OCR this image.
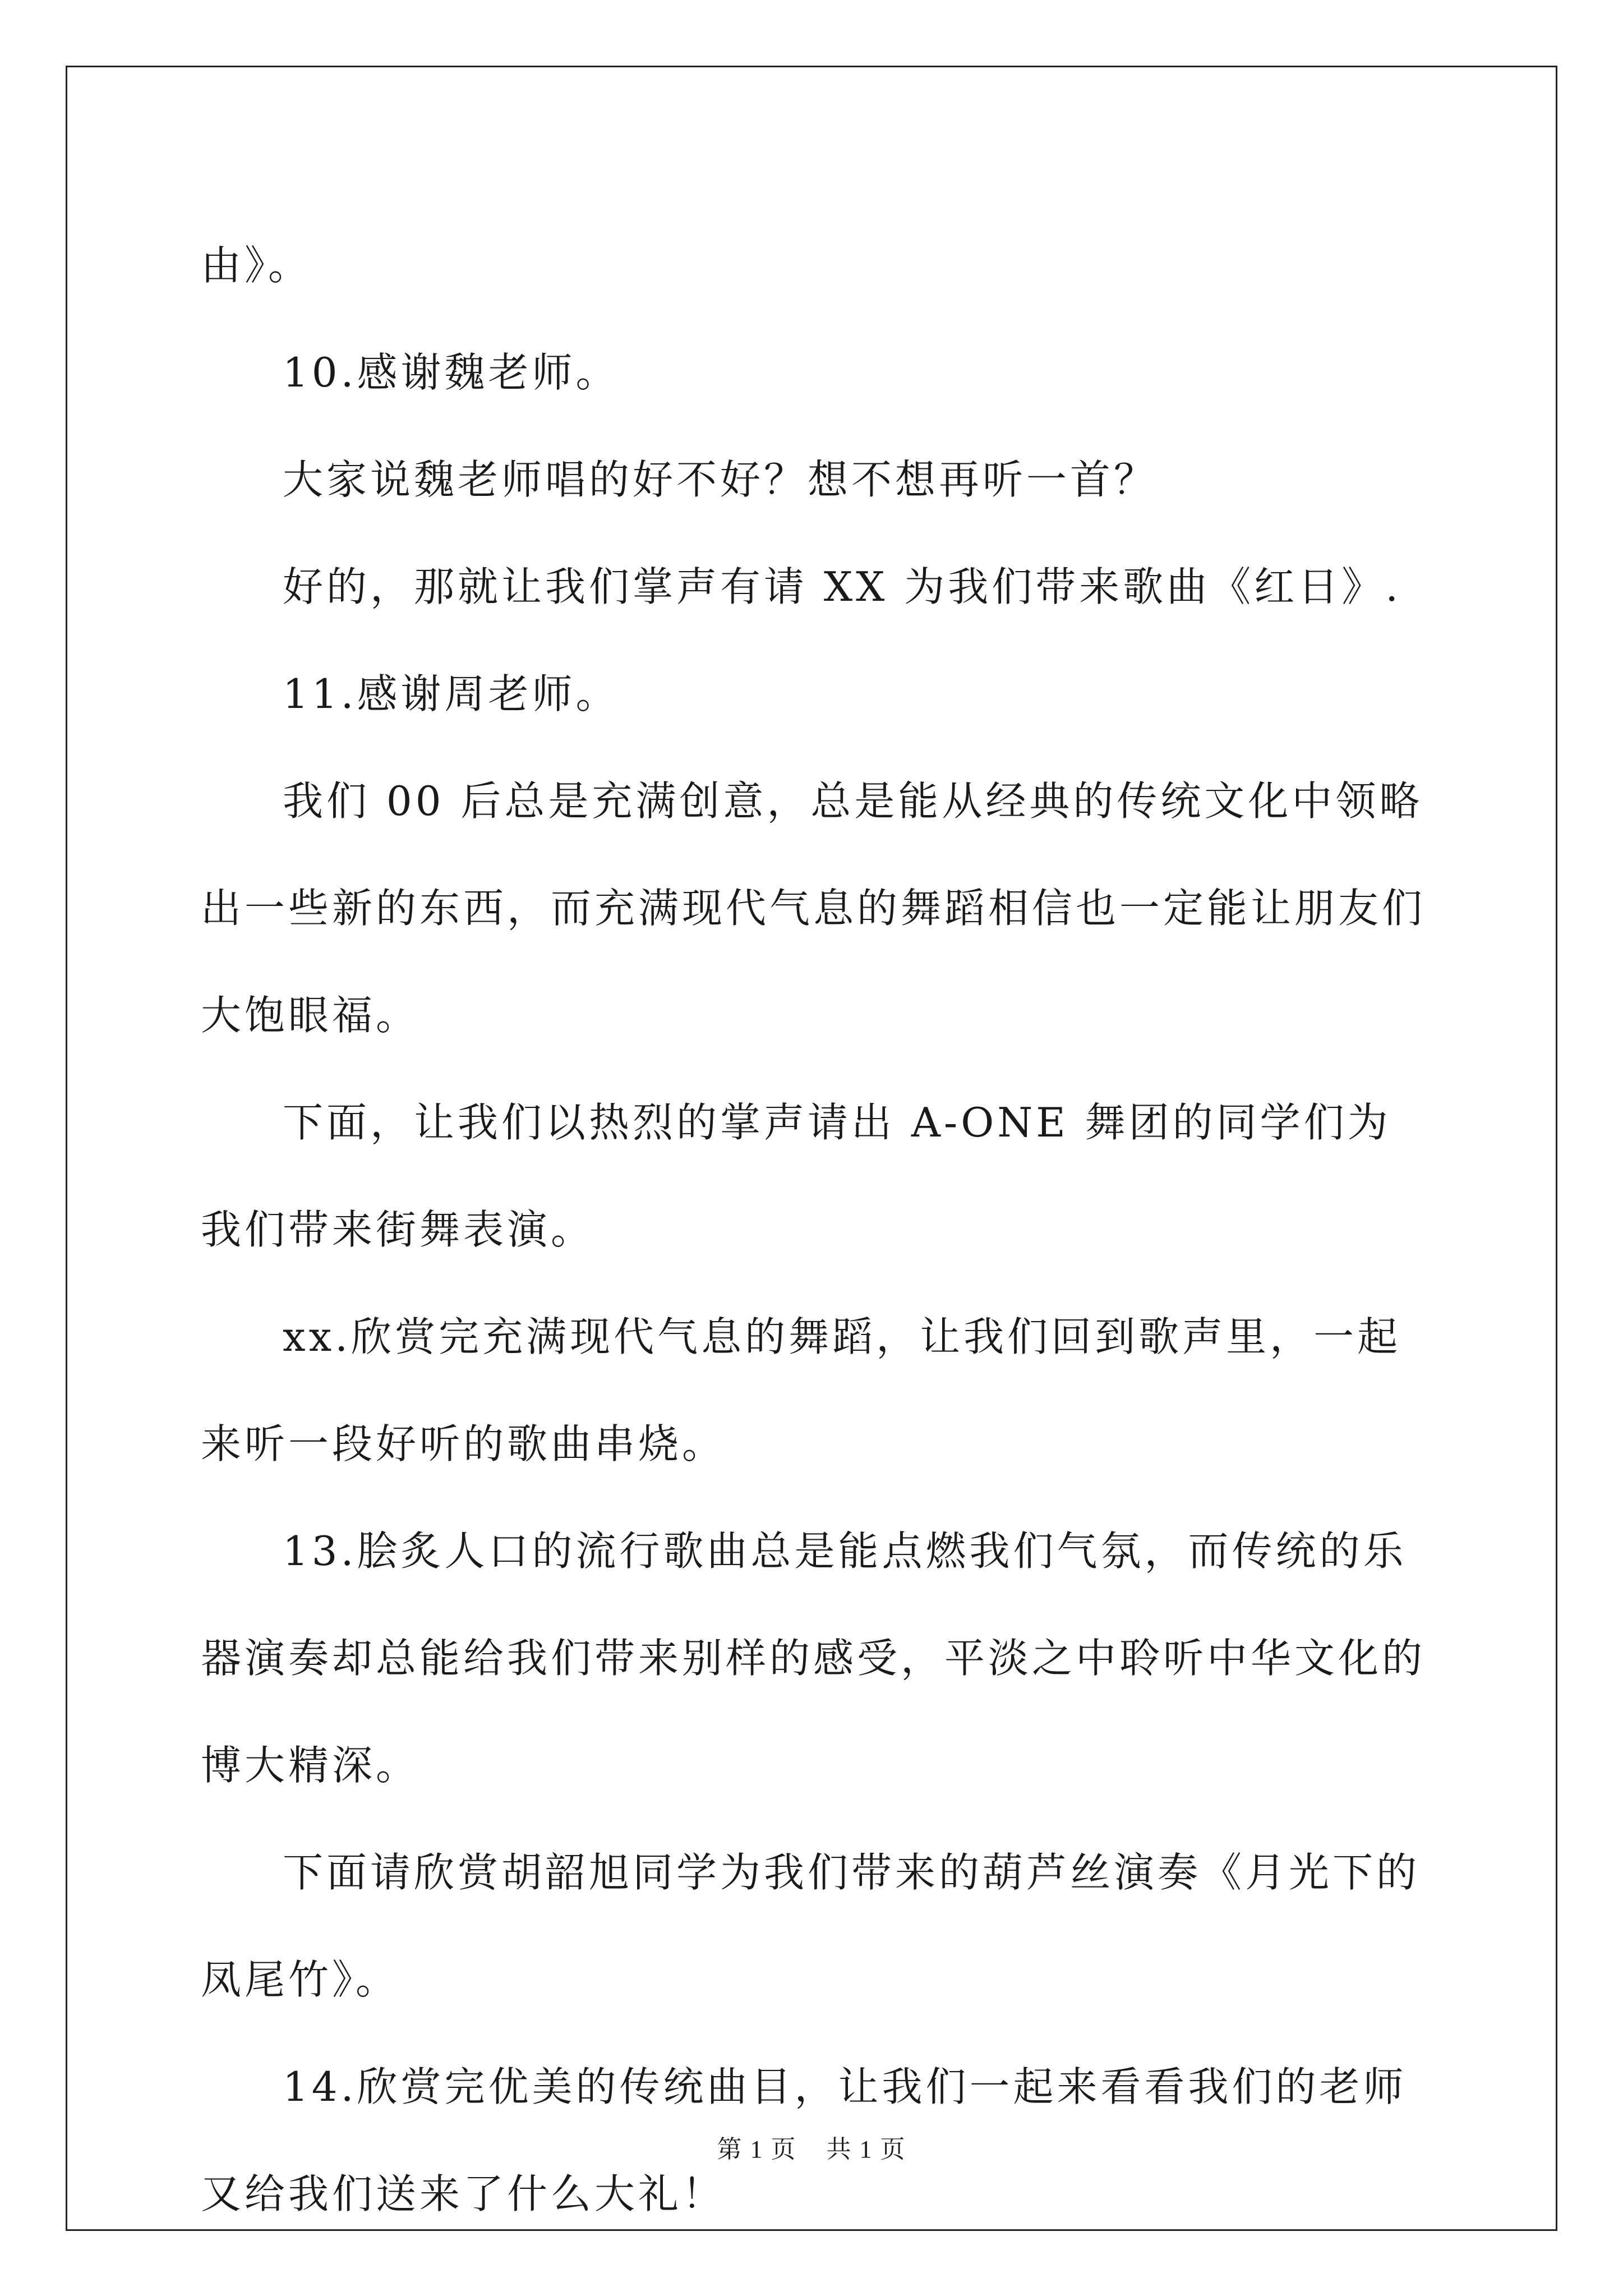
由》。

10.感谢魏老师。

大家说魏老师唱的好不好？想不想再听一首？

好的，那就让我们掌声有请 XX 为我们带来歌曲《红日》.

11.感谢周老师。

我们 00 后总是充满创意，总是能从经典的传统文化中领略出一些新的东西，而充满现代气息的舞蹈相信也一定能让朋友们大饱眼福。

下面，让我们以热烈的掌声请出 A-ONE 舞团的同学们为我们带来街舞表演。

xx.欣赏完充满现代气息的舞蹈，让我们回到歌声里，一起来听一段好听的歌曲串烧。

13.脍炙人口的流行歌曲总是能点燃我们气氛，而传统的乐器演奏却总能给我们带来别样的感受，平淡之中聆听中华文化的博大精深。

下面请欣赏胡韶旭同学为我们带来的葫芦丝演奏《月光下的凤尾竹》。

14.欣赏完优美的传统曲目，让我们一起来看看我们的老师又给我们送来了什么大礼！

第 1 页 共 1 页
